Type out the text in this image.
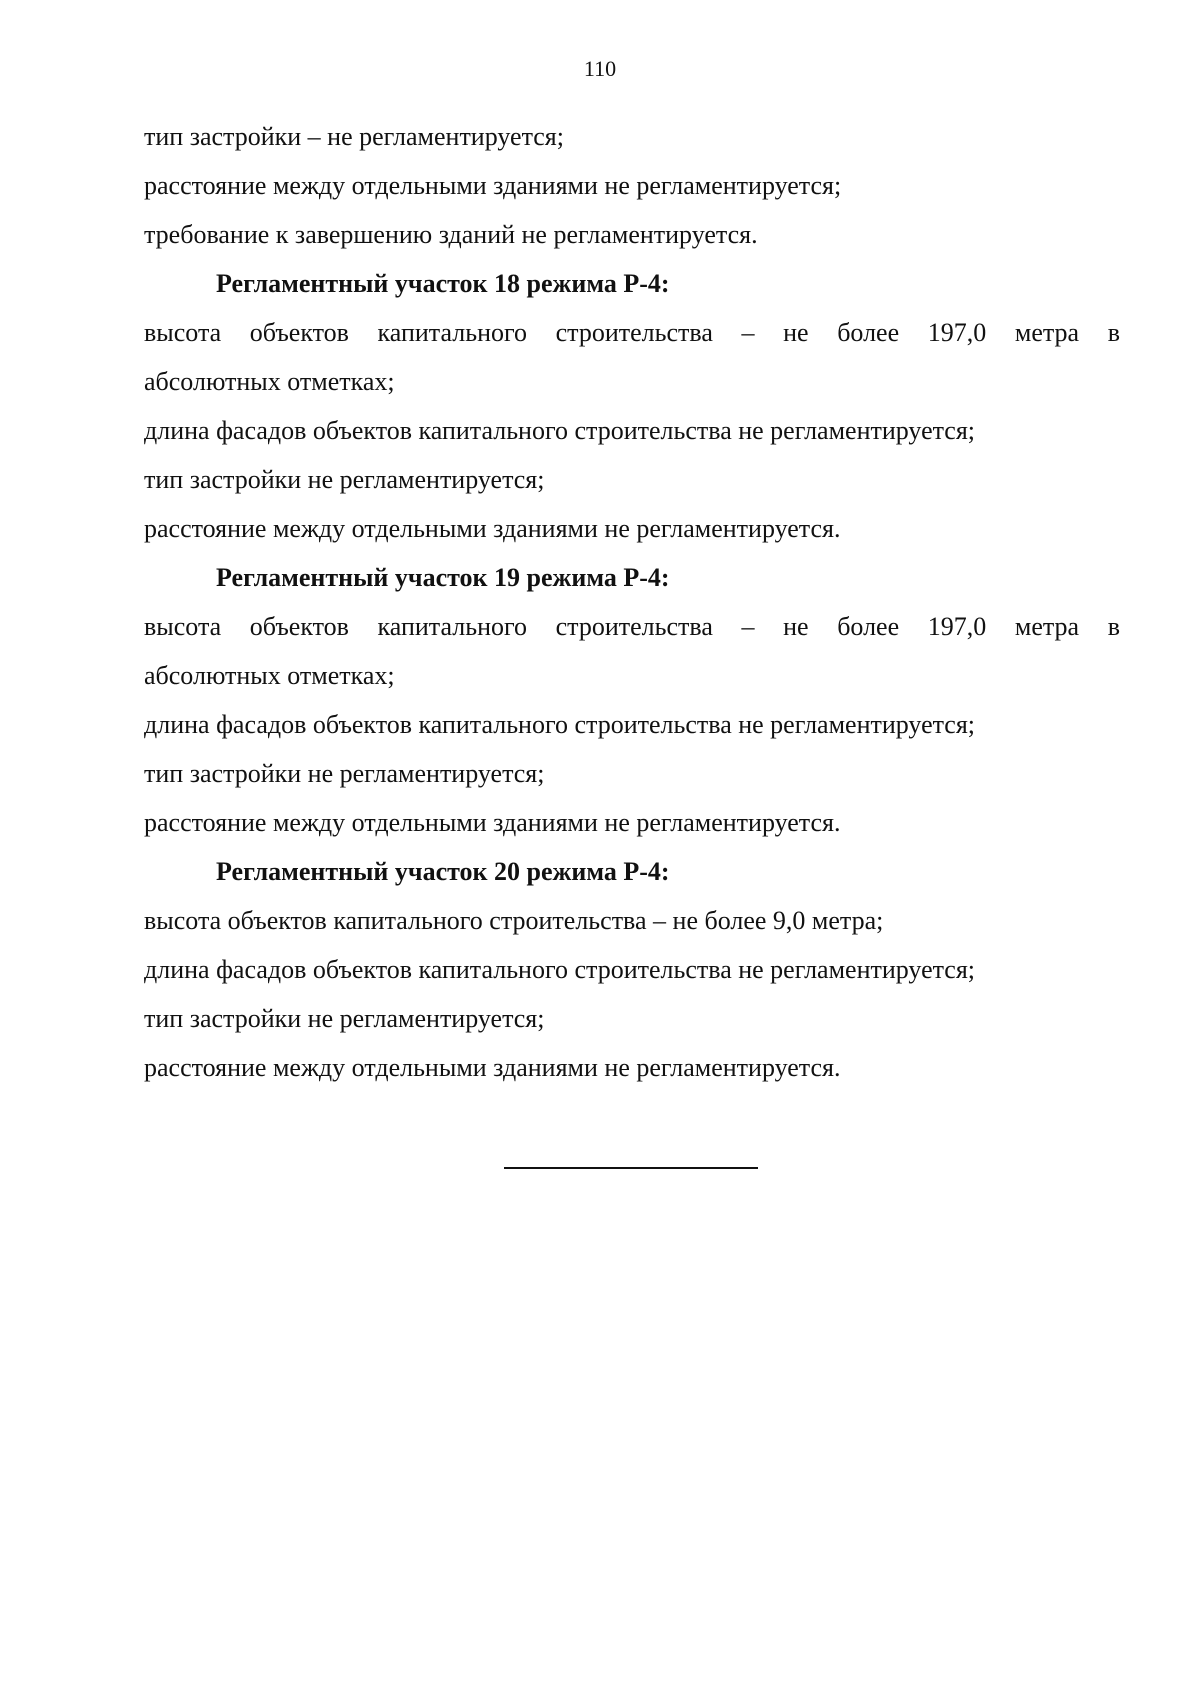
110

тип застройки – не регламентируется;

расстояние между отдельными зданиями не регламентируется;

требование к завершению зданий не регламентируется.

Регламентный участок 18 режима Р-4:

высота объектов капитального строительства – не более 197,0 метра в

абсолютных отметках;

длина фасадов объектов капитального строительства не регламентируется;

тип застройки не регламентируется;

расстояние между отдельными зданиями не регламентируется.

Регламентный участок 19 режима Р-4:

высота объектов капитального строительства – не более 197,0 метра в

абсолютных отметках;

длина фасадов объектов капитального строительства не регламентируется;

тип застройки не регламентируется;

расстояние между отдельными зданиями не регламентируется.

Регламентный участок 20 режима Р-4:

высота объектов капитального строительства – не более 9,0 метра;

длина фасадов объектов капитального строительства не регламентируется;

тип застройки не регламентируется;

расстояние между отдельными зданиями не регламентируется.
